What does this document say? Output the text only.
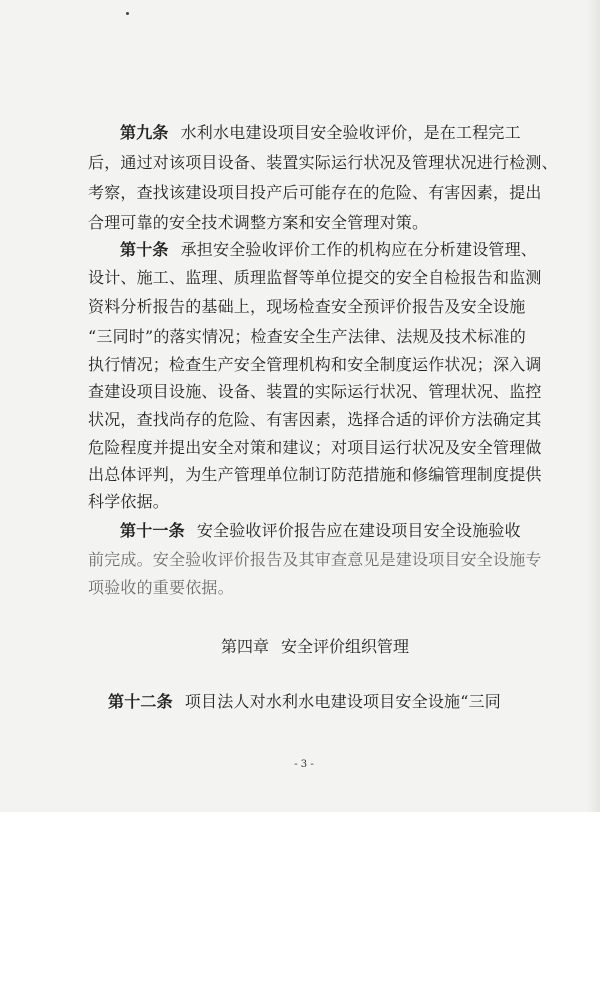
第九条 水利水电建设项目安全验收评价，是在工程完工
后，通过对该项目设备、装置实际运行状况及管理状况进行检测、
考察，查找该建设项目投产后可能存在的危险、有害因素，提出
合理可靠的安全技术调整方案和安全管理对策。
第十条 承担安全验收评价工作的机构应在分析建设管理、
设计、施工、监理、质理监督等单位提交的安全自检报告和监测
资料分析报告的基础上，现场检查安全预评价报告及安全设施
“三同时”的落实情况；检查安全生产法律、法规及技术标准的
执行情况；检查生产安全管理机构和安全制度运作状况；深入调
查建设项目设施、设备、装置的实际运行状况、管理状况、监控
状况，查找尚存的危险、有害因素，选择合适的评价方法确定其
危险程度并提出安全对策和建议；对项目运行状况及安全管理做
出总体评判，为生产管理单位制订防范措施和修编管理制度提供
科学依据。
第十一条 安全验收评价报告应在建设项目安全设施验收
前完成。安全验收评价报告及其审查意见是建设项目安全设施专
项验收的重要依据。
第四章 安全评价组织管理
第十二条 项目法人对水利水电建设项目安全设施“三同
- 3 -
